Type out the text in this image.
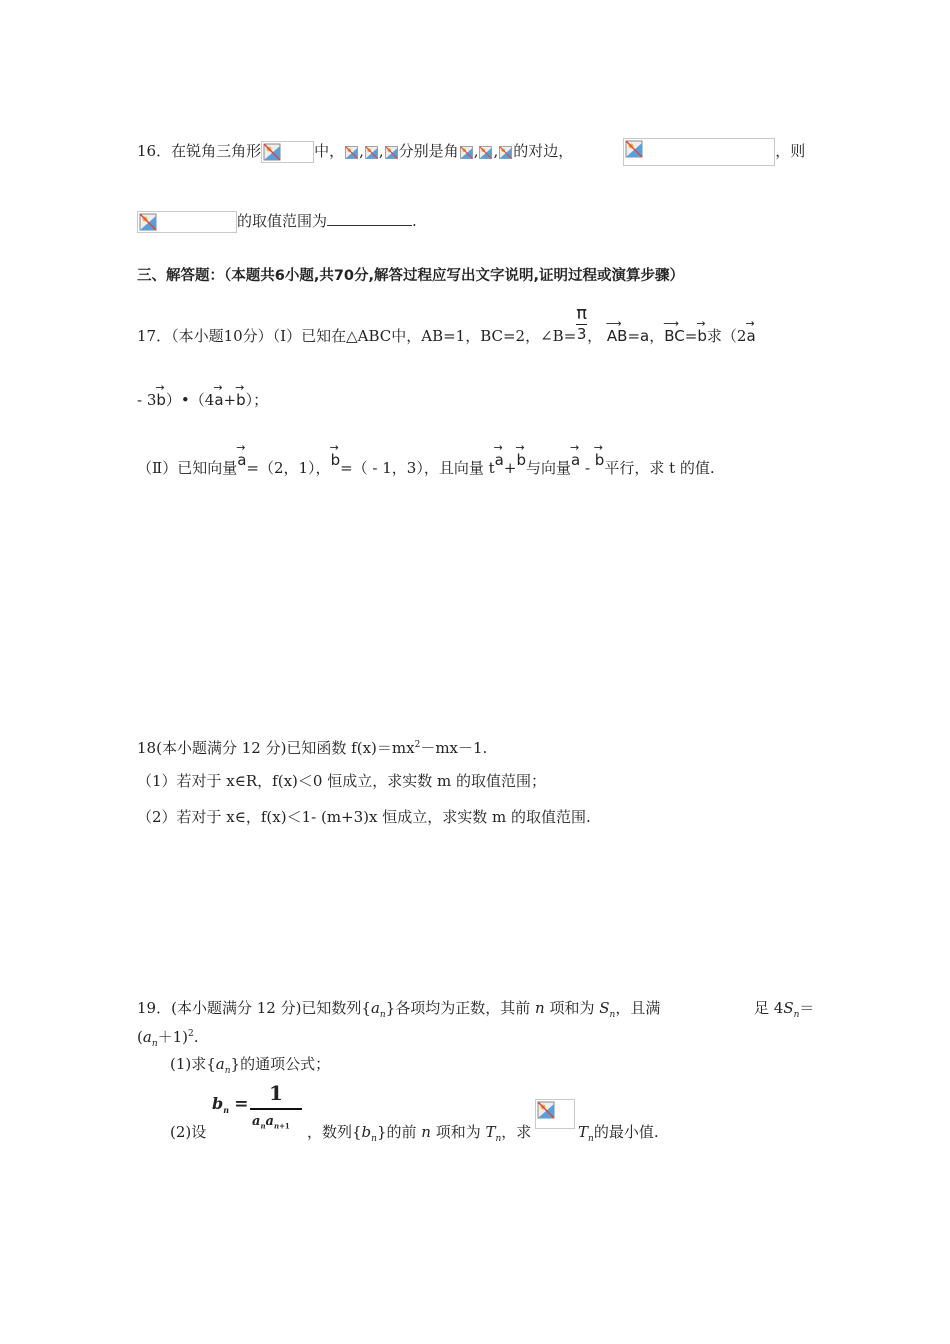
16．在锐角三角形	中， , , 分别是角 , , 的对边，	，则
的取值范围为	.
三、解答题：（本题共6小题,共70分,解答过程应写出文字说明,证明过程或演算步骤）
17．（本小题10分）（Ⅰ）已知在△ABC中，AB=1，BC=2，∠B= $\frac{\pi}{3}$ ，
⟶
AB=a，
⟶
BC=
→
b求（2
→
a
- 3
→
b）•（4
→
a+
→
b）；
（Ⅱ）已知向量
→
a=（2，1），
→
b=（ - 1，3），且向量 t
→
a+
→
b与向量
→
a -
→
b平行，求 t 的值.
18(本小题满分 12 分)已知函数 $f(x)=mx^2-mx-1$.
（1）若对于 x∈R，f(x)＜0 恒成立，求实数 m 的取值范围；
（2）若对于 x∈，f(x)＜1- (m+3)x 恒成立，求实数 m 的取值范围.
19．(本小题满分 12 分)已知数列$\{a_n\}$各项均为正数，其前 n 项和为 $S_n$，且满	足 $4S_n=$
$(a_n+1)^2$.
(1)求$\{a_n\}$的通项公式；
(2)设
$b_n$ =	1
$a_na_{n+1}$ ，数列$\{b_n\}$的前 n 项和为 $T_n$，求	$T_n$的最小值.
